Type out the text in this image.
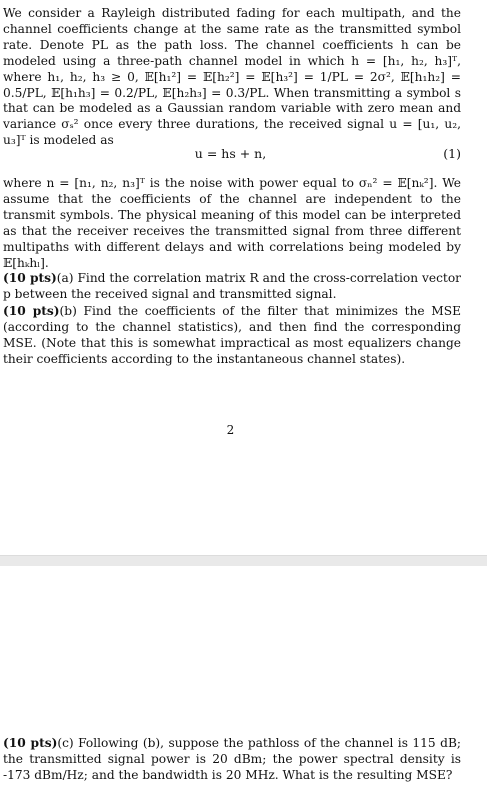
We consider a Rayleigh distributed fading for each multipath, and the channel coefficients change at the same rate as the transmitted symbol rate. Denote PL as the path loss. The channel coefficients h can be modeled using a three-path channel model in which h = [h₁, h₂, h₃]ᵀ, where h₁, h₂, h₃ ≥ 0, 𝔼[h₁²] = 𝔼[h₂²] = 𝔼[h₃²] = 1/PL = 2σ², 𝔼[h₁h₂] = 0.5/PL, 𝔼[h₁h₃] = 0.2/PL, 𝔼[h₂h₃] = 0.3/PL. When transmitting a symbol s that can be modeled as a Gaussian random variable with zero mean and variance σₛ² once every three durations, the received signal u = [u₁, u₂, u₃]ᵀ is modeled as

u = hs + n,	(1)

where n = [n₁, n₂, n₃]ᵀ is the noise with power equal to σₙ² = 𝔼[nₖ²]. We assume that the coefficients of the channel are independent to the transmit symbols. The physical meaning of this model can be interpreted as that the receiver receives the transmitted signal from three different multipaths with different delays and with correlations being modeled by 𝔼[hₖhₗ].
(10 pts)(a) Find the correlation matrix R and the cross-correlation vector p between the received signal and transmitted signal.

(10 pts)(b) Find the coefficients of the filter that minimizes the MSE (according to the channel statistics), and then find the corresponding MSE. (Note that this is somewhat impractical as most equalizers change their coefficients according to the instantaneous channel states).

2

(10 pts)(c) Following (b), suppose the pathloss of the channel is 115 dB; the transmitted signal power is 20 dBm; the power spectral density is -173 dBm/Hz; and the bandwidth is 20 MHz. What is the resulting MSE?
